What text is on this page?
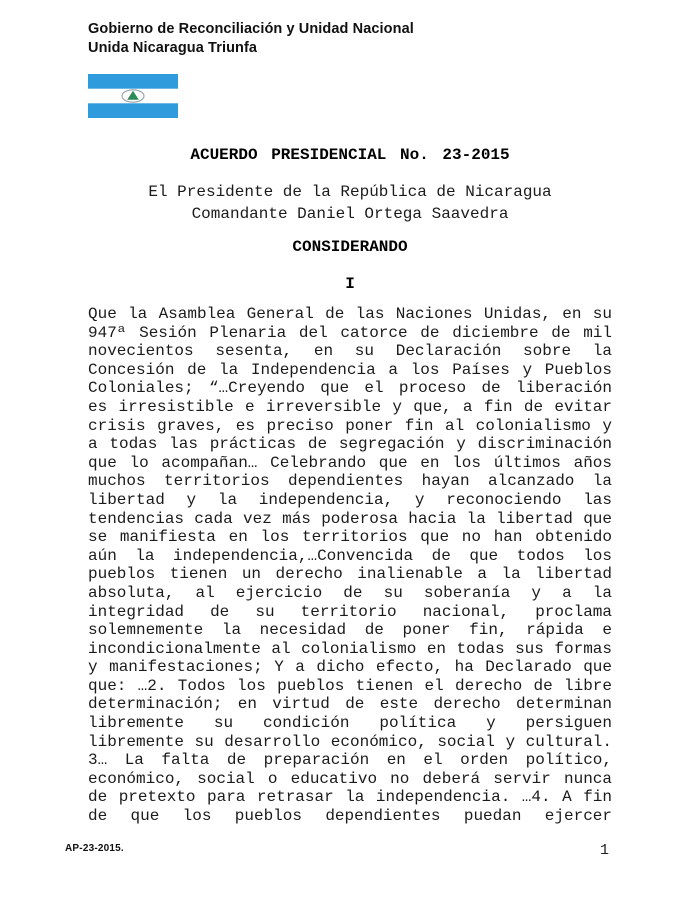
Gobierno de Reconciliación y Unidad Nacional
Unida Nicaragua Triunfa
ACUERDO PRESIDENCIAL No. 23-2015
El Presidente de la República de Nicaragua
Comandante Daniel Ortega Saavedra
CONSIDERANDO
I
Que la Asamblea General de las Naciones Unidas, en su
947ª Sesión Plenaria del catorce de diciembre de mil
novecientos sesenta, en su Declaración sobre la
Concesión de la Independencia a los Países y Pueblos
Coloniales; “…Creyendo que el proceso de liberación
es irresistible e irreversible y que, a fin de evitar
crisis graves, es preciso poner fin al colonialismo y
a todas las prácticas de segregación y discriminación
que lo acompañan… Celebrando que en los últimos años
muchos territorios dependientes hayan alcanzado la
libertad y la independencia, y reconociendo las
tendencias cada vez más poderosa hacia la libertad que
se manifiesta en los territorios que no han obtenido
aún la independencia,…Convencida de que todos los
pueblos tienen un derecho inalienable a la libertad
absoluta, al ejercicio de su soberanía y a la
integridad de su territorio nacional, proclama
solemnemente la necesidad de poner fin, rápida e
incondicionalmente al colonialismo en todas sus formas
y manifestaciones; Y a dicho efecto, ha Declarado que
que: …2. Todos los pueblos tienen el derecho de libre
determinación; en virtud de este derecho determinan
libremente su condición política y persiguen
libremente su desarrollo económico, social y cultural.
3… La falta de preparación en el orden político,
económico, social o educativo no deberá servir nunca
de pretexto para retrasar la independencia. …4. A fin
de que los pueblos dependientes puedan ejercer
AP-23-2015.	1
